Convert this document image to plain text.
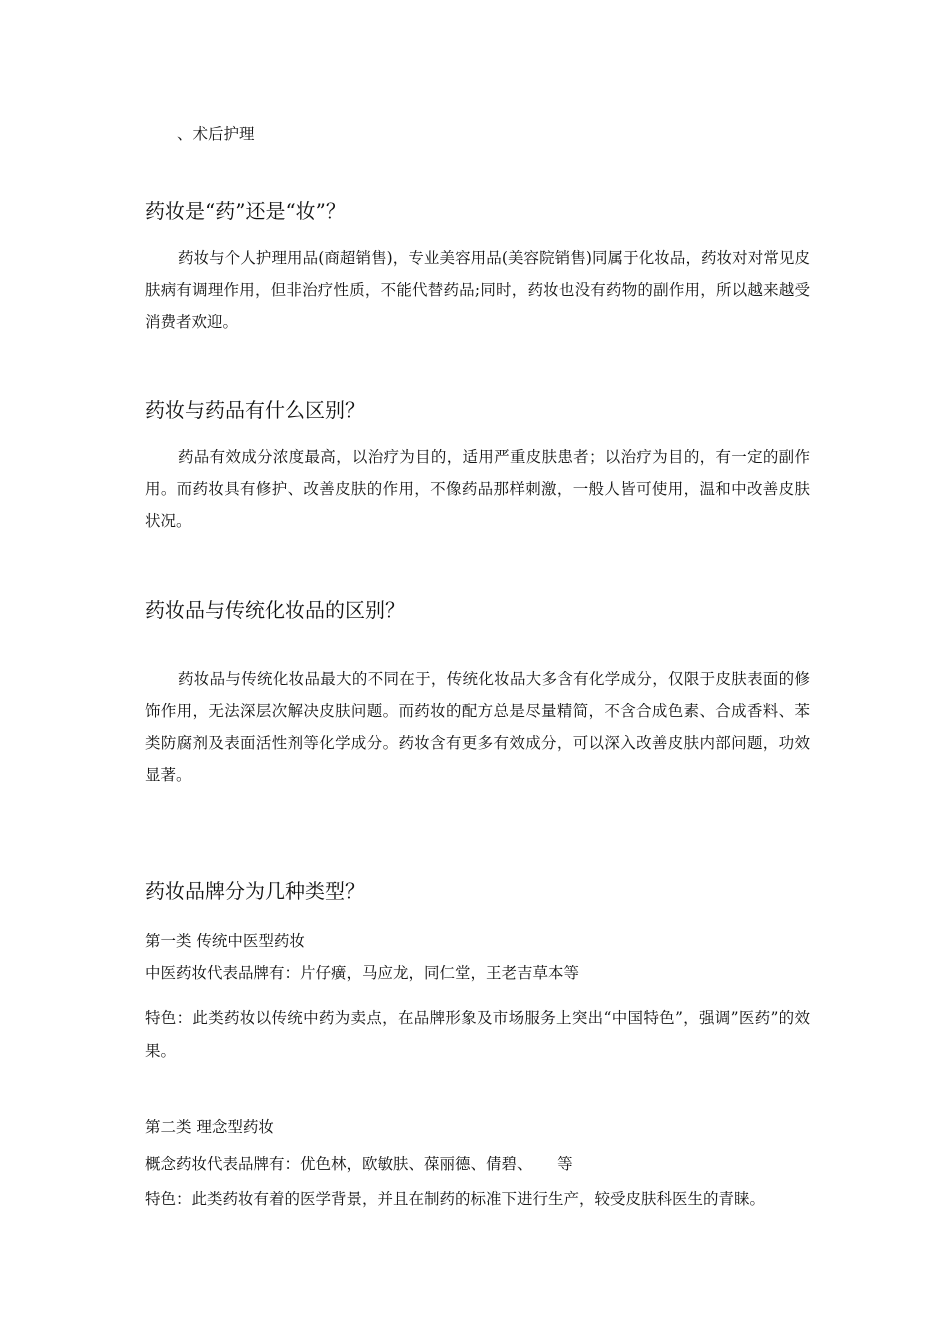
、术后护理
药妆是“药”还是“妆”？
药妆与个人护理用品(商超销售)，专业美容用品(美容院销售)同属于化妆品，药妆对对常见皮肤病有调理作用，但非治疗性质，不能代替药品;同时，药妆也没有药物的副作用，所以越来越受消费者欢迎。
药妆与药品有什么区别？
药品有效成分浓度最高，以治疗为目的，适用严重皮肤患者；以治疗为目的，有一定的副作用。而药妆具有修护、改善皮肤的作用，不像药品那样刺激，一般人皆可使用，温和中改善皮肤状况。
药妆品与传统化妆品的区别？
药妆品与传统化妆品最大的不同在于，传统化妆品大多含有化学成分，仅限于皮肤表面的修饰作用，无法深层次解决皮肤问题。而药妆的配方总是尽量精简，不含合成色素、合成香料、苯类防腐剂及表面活性剂等化学成分。药妆含有更多有效成分，可以深入改善皮肤内部问题，功效显著。
药妆品牌分为几种类型？
第一类 传统中医型药妆
中医药妆代表品牌有：片仔癀，马应龙，同仁堂，王老吉草本等
特色：此类药妆以传统中药为卖点，在品牌形象及市场服务上突出“中国特色”，强调”医药”的效果。
第二类 理念型药妆
概念药妆代表品牌有：优色林，欧敏肤、葆丽德、倩碧、     等
特色：此类药妆有着的医学背景，并且在制药的标准下进行生产，较受皮肤科医生的青睐。
